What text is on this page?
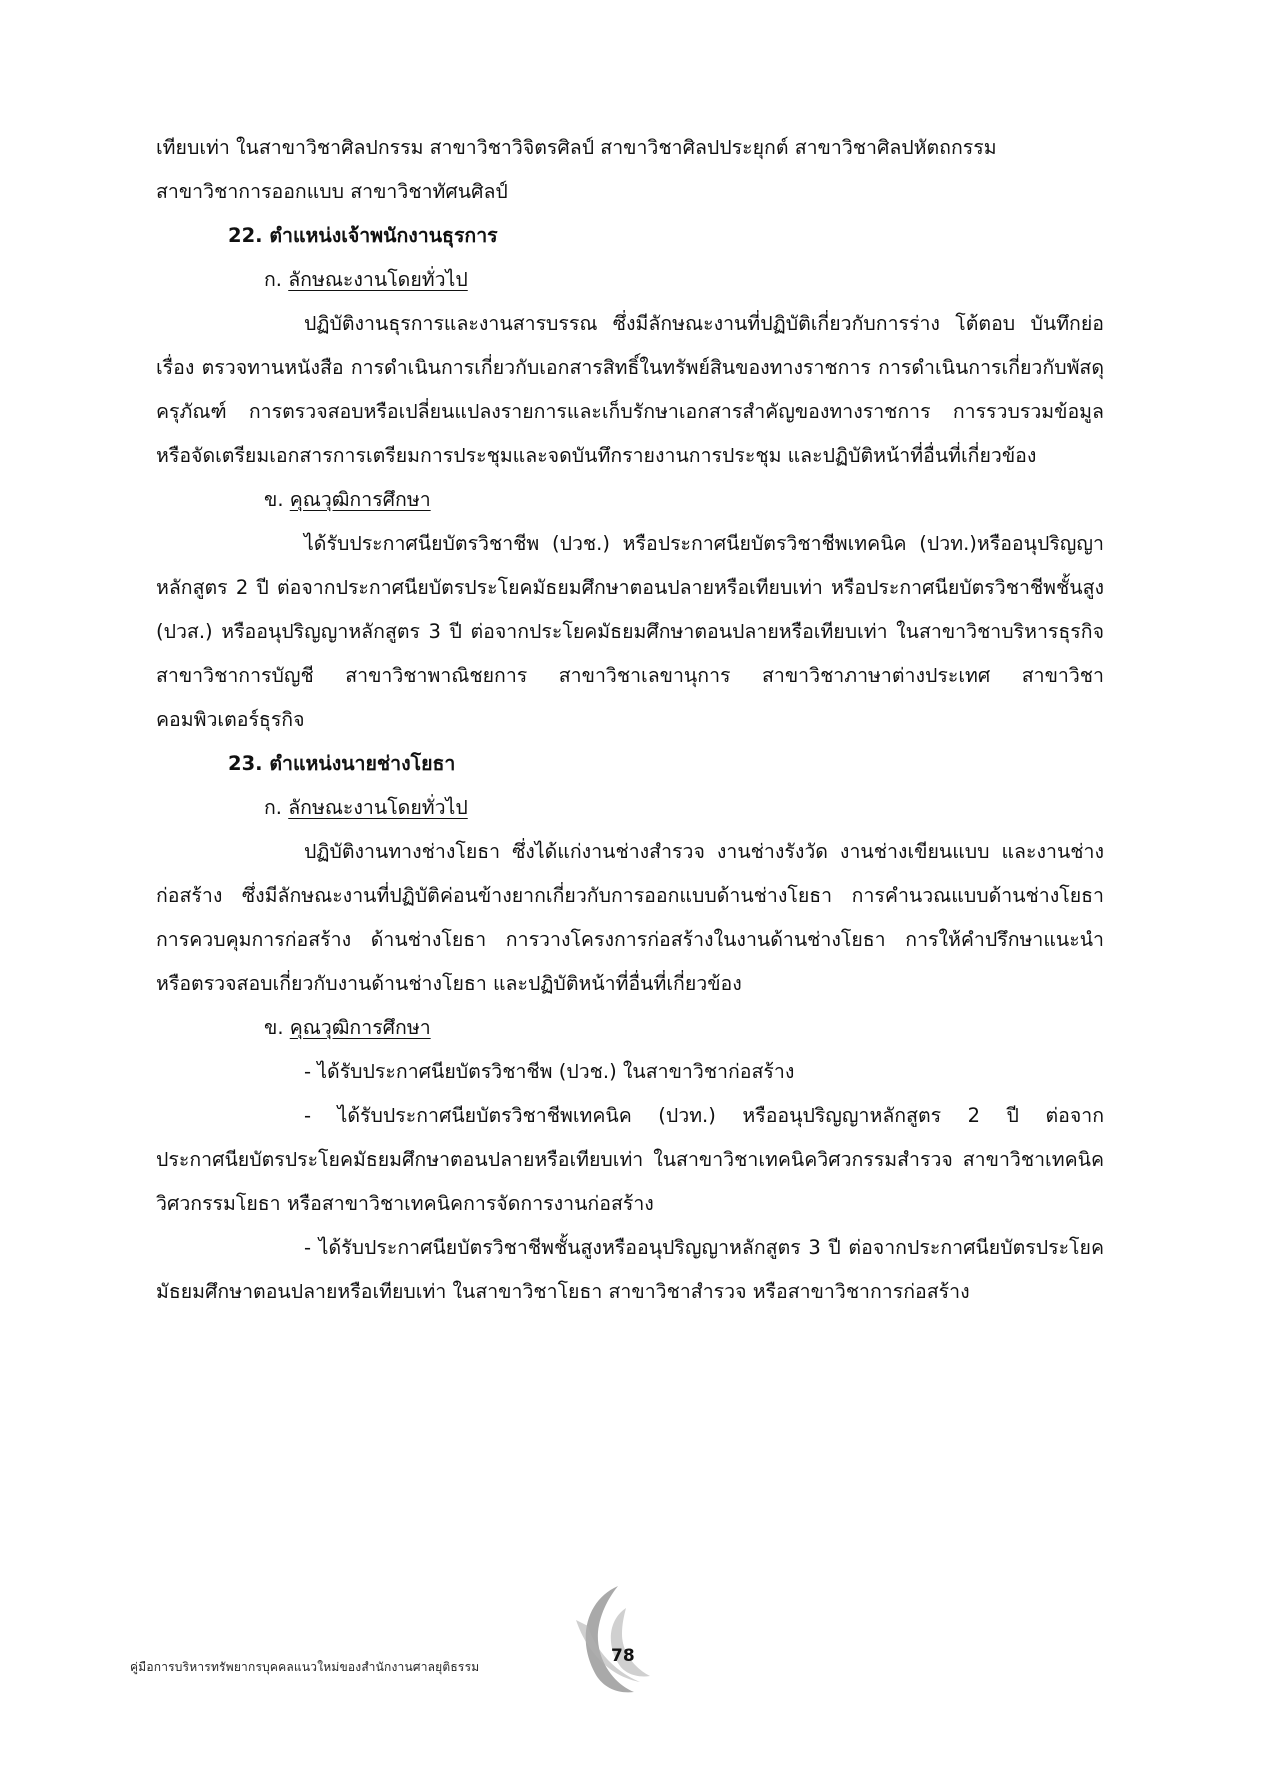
เทียบเท่า ในสาขาวิชาศิลปกรรม สาขาวิชาวิจิตรศิลป์ สาขาวิชาศิลปประยุกต์ สาขาวิชาศิลปหัตถกรรม
สาขาวิชาการออกแบบ สาขาวิชาทัศนศิลป์

22. ตำแหน่งเจ้าพนักงานธุรการ

ก. ลักษณะงานโดยทั่วไป

ปฏิบัติงานธุรการและงานสารบรรณ ซึ่งมีลักษณะงานที่ปฏิบัติเกี่ยวกับการร่าง โต้ตอบ บันทึกย่อเรื่อง ตรวจทานหนังสือ การดำเนินการเกี่ยวกับเอกสารสิทธิ์ในทรัพย์สินของทางราชการ การดำเนินการเกี่ยวกับพัสดุ ครุภัณฑ์ การตรวจสอบหรือเปลี่ยนแปลงรายการและเก็บรักษาเอกสารสำคัญของทางราชการ การรวบรวมข้อมูล หรือจัดเตรียมเอกสารการเตรียมการประชุมและจดบันทึกรายงานการประชุม และปฏิบัติหน้าที่อื่นที่เกี่ยวข้อง

ข. คุณวุฒิการศึกษา

ได้รับประกาศนียบัตรวิชาชีพ (ปวช.) หรือประกาศนียบัตรวิชาชีพเทคนิค (ปวท.)หรืออนุปริญญาหลักสูตร 2 ปี ต่อจากประกาศนียบัตรประโยคมัธยมศึกษาตอนปลายหรือเทียบเท่า หรือประกาศนียบัตรวิชาชีพชั้นสูง (ปวส.) หรืออนุปริญญาหลักสูตร 3 ปี ต่อจากประโยคมัธยมศึกษาตอนปลายหรือเทียบเท่า ในสาขาวิชาบริหารธุรกิจ สาขาวิชาการบัญชี สาขาวิชาพาณิชยการ สาขาวิชาเลขานุการ สาขาวิชาภาษาต่างประเทศ สาขาวิชาคอมพิวเตอร์ธุรกิจ

23. ตำแหน่งนายช่างโยธา

ก. ลักษณะงานโดยทั่วไป

ปฏิบัติงานทางช่างโยธา ซึ่งได้แก่งานช่างสำรวจ งานช่างรังวัด งานช่างเขียนแบบ และงานช่างก่อสร้าง ซึ่งมีลักษณะงานที่ปฏิบัติค่อนข้างยากเกี่ยวกับการออกแบบด้านช่างโยธา การคำนวณแบบด้านช่างโยธา การควบคุมการก่อสร้าง ด้านช่างโยธา การวางโครงการก่อสร้างในงานด้านช่างโยธา การให้คำปรึกษาแนะนำ หรือตรวจสอบเกี่ยวกับงานด้านช่างโยธา และปฏิบัติหน้าที่อื่นที่เกี่ยวข้อง

ข. คุณวุฒิการศึกษา

- ได้รับประกาศนียบัตรวิชาชีพ (ปวช.) ในสาขาวิชาก่อสร้าง

- ได้รับประกาศนียบัตรวิชาชีพเทคนิค (ปวท.) หรืออนุปริญญาหลักสูตร 2 ปี ต่อจากประกาศนียบัตรประโยคมัธยมศึกษาตอนปลายหรือเทียบเท่า ในสาขาวิชาเทคนิควิศวกรรมสำรวจ สาขาวิชาเทคนิควิศวกรรมโยธา หรือสาขาวิชาเทคนิคการจัดการงานก่อสร้าง

- ได้รับประกาศนียบัตรวิชาชีพชั้นสูงหรืออนุปริญญาหลักสูตร 3 ปี ต่อจากประกาศนียบัตรประโยคมัธยมศึกษาตอนปลายหรือเทียบเท่า ในสาขาวิชาโยธา สาขาวิชาสำรวจ หรือสาขาวิชาการก่อสร้าง

คู่มือการบริหารทรัพยากรบุคคลแนวใหม่ของสำนักงานศาลยุติธรรม
78
